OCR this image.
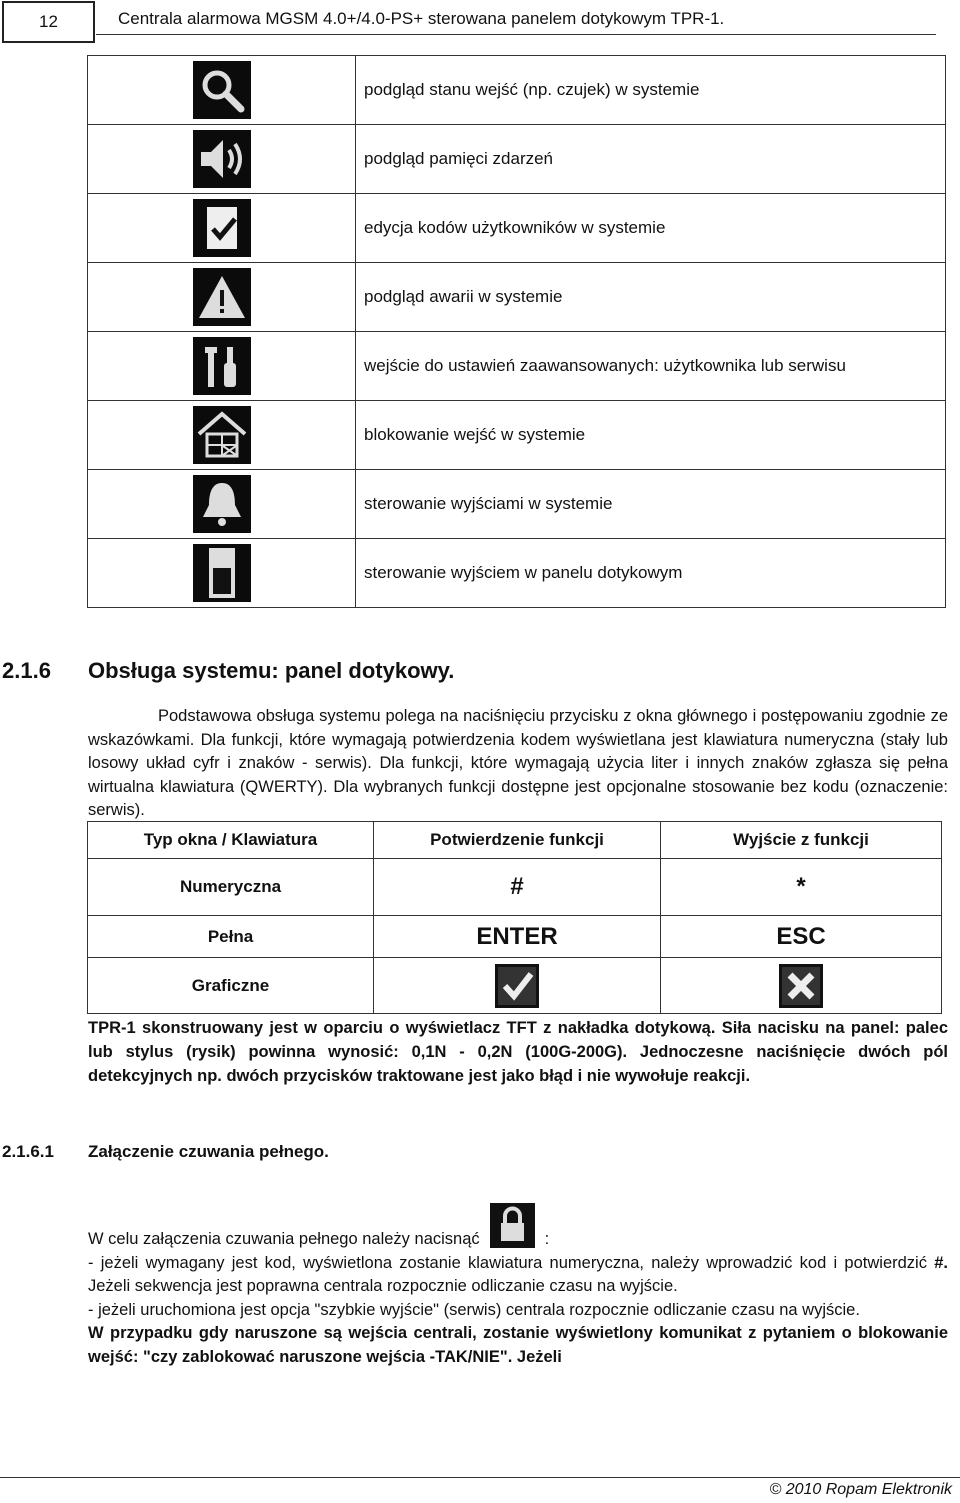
12	Centrala alarmowa MGSM 4.0+/4.0-PS+ sterowana panelem dotykowym TPR-1.
	podgląd stanu wejść (np. czujek) w systemie

	podgląd pamięci zdarzeń

	edycja kodów użytkowników w systemie

	podgląd awarii w systemie

	wejście do ustawień zaawansowanych: użytkownika lub serwisu

	blokowanie wejść w systemie

	sterowanie wyjściami w systemie

	sterowanie wyjściem w panelu dotykowym
2.1.6 Obsługa systemu: panel dotykowy.
Podstawowa obsługa systemu polega na naciśnięciu przycisku z okna głównego i postępowaniu zgodnie ze wskazówkami. Dla funkcji, które wymagają potwierdzenia kodem wyświetlana jest klawiatura numeryczna (stały lub losowy układ cyfr i znaków - serwis). Dla funkcji, które wymagają użycia liter i innych znaków zgłasza się pełna wirtualna klawiatura (QWERTY). Dla wybranych funkcji dostępne jest opcjonalne stosowanie bez kodu (oznaczenie: serwis).
Typ okna / Klawiatura	Potwierdzenie funkcji	Wyjście z funkcji
Numeryczna	#	*
Pełna	ENTER	ESC
Graficzne		
TPR-1 skonstruowany jest w oparciu o wyświetlacz TFT z nakładka dotykową. Siła nacisku na panel: palec lub stylus (rysik) powinna wynosić: 0,1N - 0,2N (100G-200G). Jednoczesne naciśnięcie dwóch pól detekcyjnych np. dwóch przycisków traktowane jest jako błąd i nie wywołuje reakcji.
2.1.6.1 Załączenie czuwania pełnego.
W celu załączenia czuwania pełnego należy nacisnąć	:
- jeżeli wymagany jest kod, wyświetlona zostanie klawiatura numeryczna, należy wprowadzić kod i potwierdzić #. Jeżeli sekwencja jest poprawna centrala rozpocznie odliczanie czasu na wyjście.
- jeżeli uruchomiona jest opcja "szybkie wyjście" (serwis) centrala rozpocznie odliczanie czasu na wyjście.
W przypadku gdy naruszone są wejścia centrali, zostanie wyświetlony komunikat z pytaniem o blokowanie wejść: "czy zablokować naruszone wejścia -TAK/NIE". Jeżeli
© 2010 Ropam Elektronik
